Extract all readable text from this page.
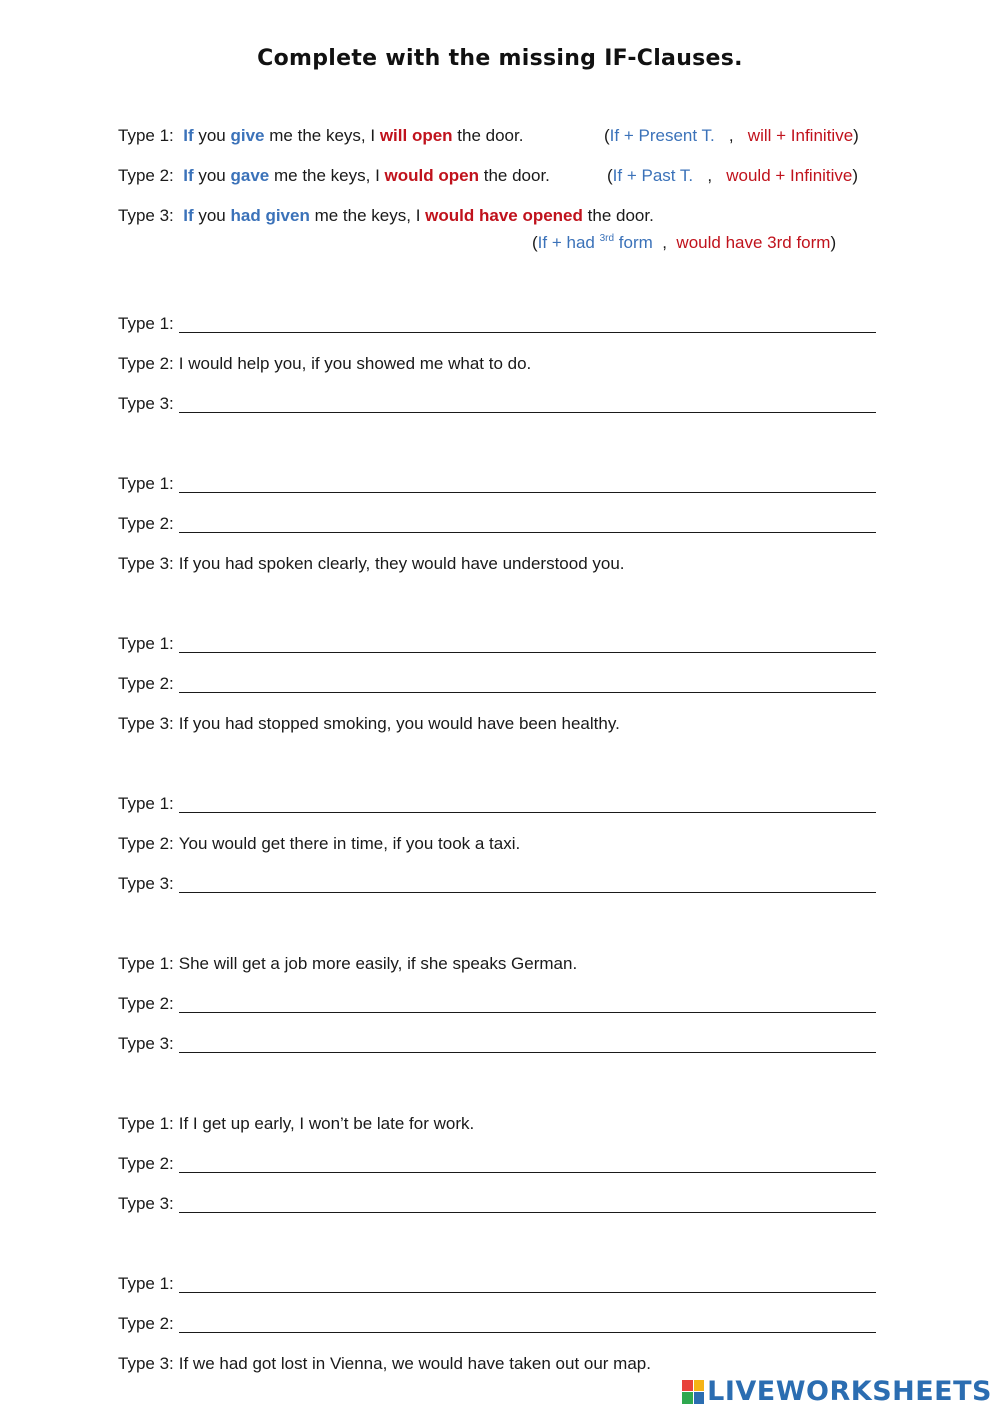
Complete with the missing IF-Clauses.
Type 1: If you give me the keys, I will open the door.	(If + Present T. , will + Infinitive)
Type 2: If you gave me the keys, I would open the door.	(If + Past T. , would + Infinitive)
Type 3: If you had given me the keys, I would have opened the door.
(If + had $^{3rd}$ form , would have 3rd form)
Type 1:
Type 2: I would help you, if you showed me what to do.
Type 3:
Type 1:
Type 2:
Type 3: If you had spoken clearly, they would have understood you.
Type 1:
Type 2:
Type 3: If you had stopped smoking, you would have been healthy.
Type 1:
Type 2: You would get there in time, if you took a taxi.
Type 3:
Type 1: She will get a job more easily, if she speaks German.
Type 2:
Type 3:
Type 1: If I get up early, I won’t be late for work.
Type 2:
Type 3:
Type 1:
Type 2:
Type 3: If we had got lost in Vienna, we would have taken out our map.
LIVEWORKSHEETS
